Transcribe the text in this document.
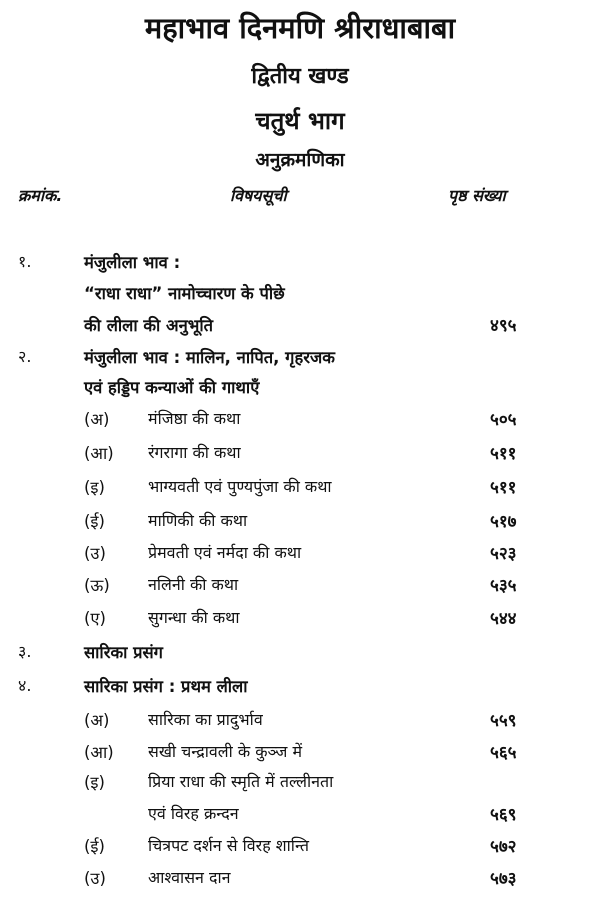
महाभाव दिनमणि श्रीराधाबाबा
द्वितीय खण्ड
चतुर्थ भाग
अनुक्रमणिका
क्रमांक.	विषयसूची	पृष्ठ संख्या
१.	मंजुलीला भाव :
“राधा राधा” नामोच्चारण के पीछे
की लीला की अनुभूति	४९५
२.	मंजुलीला भाव : मालिन, नापित, गृहरजक
एवं हड्डिप कन्याओं की गाथाएँ
(अ) मंजिष्ठा की कथा	५०५
(आ) रंगरागा की कथा	५११
(इ)	भाग्यवती एवं पुण्यपुंजा की कथा	५११
(ई)	माणिकी की कथा	५१७
(उ)	प्रेमवती एवं नर्मदा की कथा	५२३
(ऊ) नलिनी की कथा	५३५
(ए)	सुगन्धा की कथा	५४४
३.	सारिका प्रसंग
४.	सारिका प्रसंग : प्रथम लीला
(अ) सारिका का प्रादुर्भाव	५५९
(आ) सखी चन्द्रावली के कुञ्ज में	५६५
(इ)	प्रिया राधा की स्मृति में तल्लीनता
एवं विरह क्रन्दन	५६९
(ई)	चित्रपट दर्शन से विरह शान्ति	५७२
(उ)	आश्वासन दान	५७३
